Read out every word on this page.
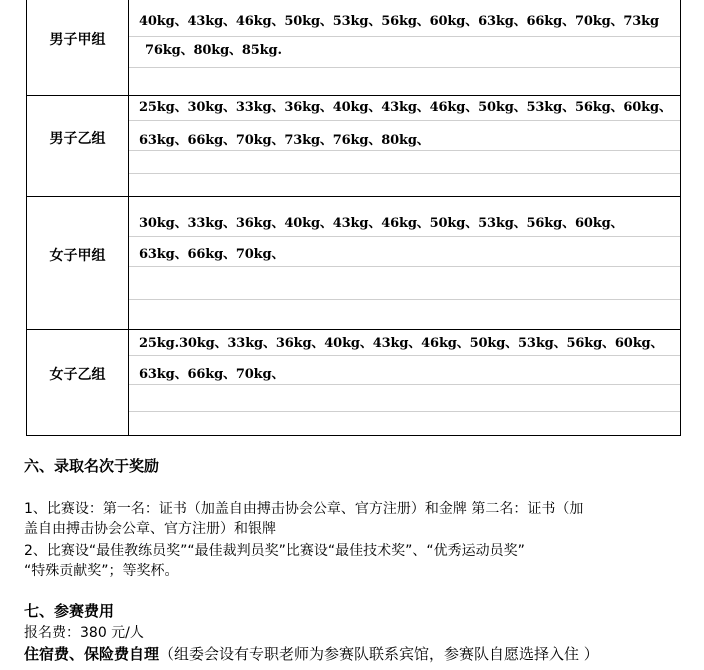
男子甲组	40kg、43kg、46kg、50kg、53kg、56kg、60kg、63kg、66kg、70kg、73kg
76kg、80kg、85kg.

男子乙组	25kg、30kg、33kg、36kg、40kg、43kg、46kg、50kg、53kg、56kg、60kg、
63kg、66kg、70kg、73kg、76kg、80kg、

女子甲组	30kg、33kg、36kg、40kg、43kg、46kg、50kg、53kg、56kg、60kg、
63kg、66kg、70kg、

女子乙组	25kg.30kg、33kg、36kg、40kg、43kg、46kg、50kg、53kg、56kg、60kg、
63kg、66kg、70kg、
六、录取名次于奖励
1、比赛设：第一名：证书（加盖自由搏击协会公章、官方注册）和金牌 第二名：证书（加
盖自由搏击协会公章、官方注册）和银牌
2、比赛设“最佳教练员奖”“最佳裁判员奖”比赛设“最佳技术奖”、“优秀运动员奖”
“特殊贡献奖”；等奖杯。
七、参赛费用
报名费：380 元/人
住宿费、保险费自理（组委会设有专职老师为参赛队联系宾馆，参赛队自愿选择入住 ）
